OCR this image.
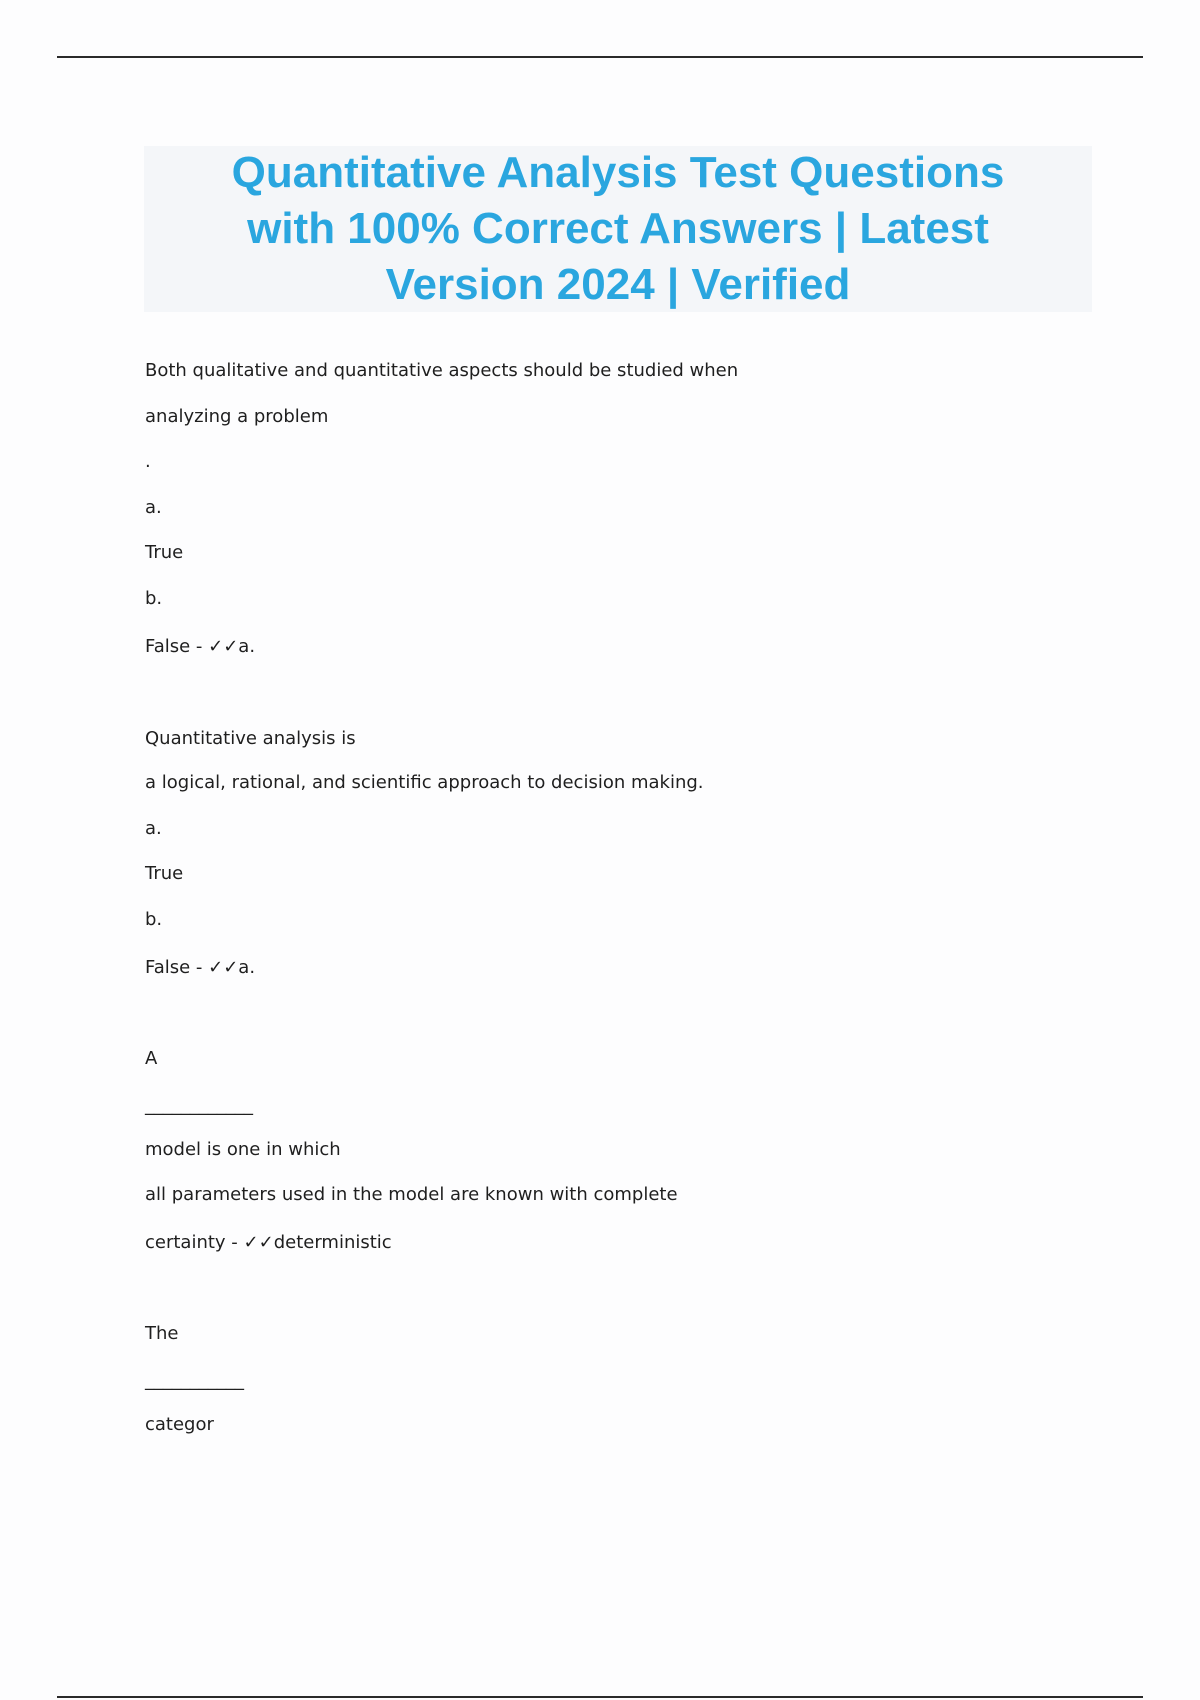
Quantitative Analysis Test Questions
with 100% Correct Answers | Latest
Version 2024 | Verified
Both qualitative and quantitative aspects should be studied when
analyzing a problem
.
a.
True
b.
False - ✓✓a.
Quantitative analysis is
a logical, rational, and scientific approach to decision making.
a.
True
b.
False - ✓✓a.
A
____________
model is one in which
all parameters used in the model are known with complete
certainty - ✓✓deterministic
The
___________
categor
